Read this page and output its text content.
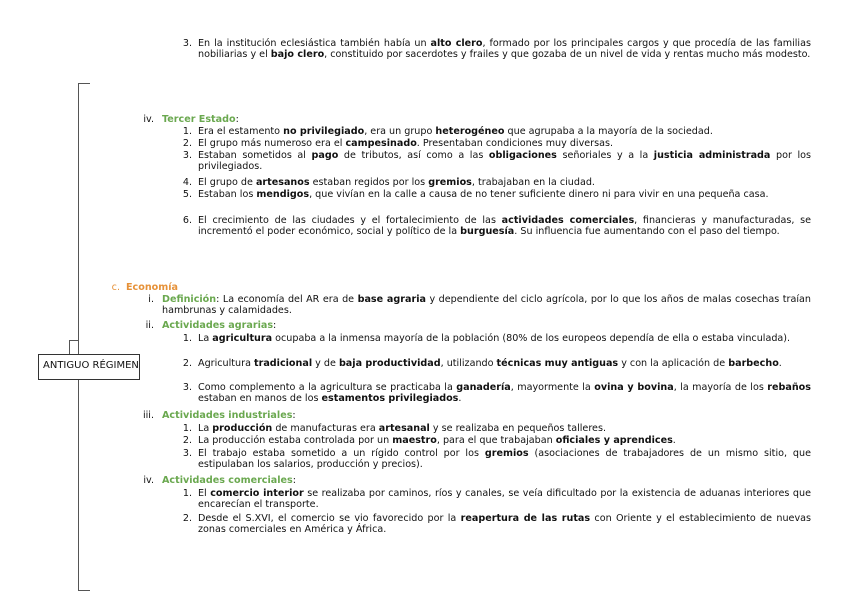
ANTIGUO RÉGIMEN
3. En la institución eclesiástica también había un alto clero, formado por los principales cargos y que procedía de las familias nobiliarias y el bajo clero, constituido por sacerdotes y frailes y que gozaba de un nivel de vida y rentas mucho más modesto.
iv. Tercer Estado:
1. Era el estamento no privilegiado, era un grupo heterogéneo que agrupaba a la mayoría de la sociedad.
2. El grupo más numeroso era el campesinado. Presentaban condiciones muy diversas.
3. Estaban sometidos al pago de tributos, así como a las obligaciones señoriales y a la justicia administrada por los privilegiados.
4. El grupo de artesanos estaban regidos por los gremios, trabajaban en la ciudad.
5. Estaban los mendigos, que vivían en la calle a causa de no tener suficiente dinero ni para vivir en una pequeña casa.
6. El crecimiento de las ciudades y el fortalecimiento de las actividades comerciales, financieras y manufacturadas, se incrementó el poder económico, social y político de la burguesía. Su influencia fue aumentando con el paso del tiempo.
c. Economía
i. Definición: La economía del AR era de base agraria y dependiente del ciclo agrícola, por lo que los años de malas cosechas traían hambrunas y calamidades.
ii. Actividades agrarias:
1. La agricultura ocupaba a la inmensa mayoría de la población (80% de los europeos dependía de ella o estaba vinculada).
2. Agricultura tradicional y de baja productividad, utilizando técnicas muy antiguas y con la aplicación de barbecho.
3. Como complemento a la agricultura se practicaba la ganadería, mayormente la ovina y bovina, la mayoría de los rebaños estaban en manos de los estamentos privilegiados.
iii. Actividades industriales:
1. La producción de manufacturas era artesanal y se realizaba en pequeños talleres.
2. La producción estaba controlada por un maestro, para el que trabajaban oficiales y aprendices.
3. El trabajo estaba sometido a un rígido control por los gremios (asociaciones de trabajadores de un mismo sitio, que estipulaban los salarios, producción y precios).
iv. Actividades comerciales:
1. El comercio interior se realizaba por caminos, ríos y canales, se veía dificultado por la existencia de aduanas interiores que encarecían el transporte.
2. Desde el S.XVI, el comercio se vio favorecido por la reapertura de las rutas con Oriente y el establecimiento de nuevas zonas comerciales en América y África.
